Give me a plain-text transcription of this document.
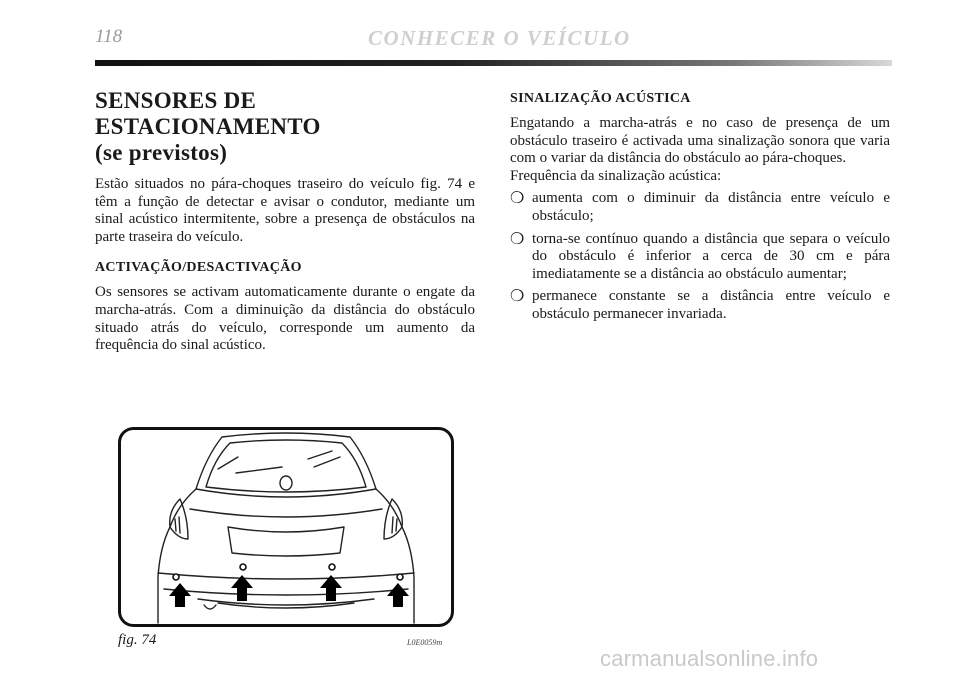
118	CONHECER O VEÍCULO
SENSORES DE ESTACIONAMENTO
(se previstos)

Estão situados no pára-choques traseiro do veículo fig. 74 e têm a função de detectar e avisar o condutor, mediante um sinal acústico intermitente, sobre a presença de obstáculos na parte traseira do veículo.

ACTIVAÇÃO/DESACTIVAÇÃO

Os sensores se activam automaticamente durante o engate da marcha-atrás. Com a diminuição da distância do obstáculo situado atrás do veículo, corresponde um aumento da frequência do sinal acústico.

SINALIZAÇÃO ACÚSTICA

Engatando a marcha-atrás e no caso de presença de um obstáculo traseiro é activada uma sinalização sonora que varia com o variar da distância do obstáculo ao pára-choques.

Frequência da sinalização acústica:

❍ aumenta com o diminuir da distância entre veículo e obstáculo;
❍ torna-se contínuo quando a distância que separa o veículo do obstáculo é inferior a cerca de 30 cm e pára imediatamente se a distância ao obstáculo aumentar;
❍ permanece constante se a distância entre veículo e obstáculo permanecer invariada.
fig. 74	L0E0059m
carmanualsonline.info
